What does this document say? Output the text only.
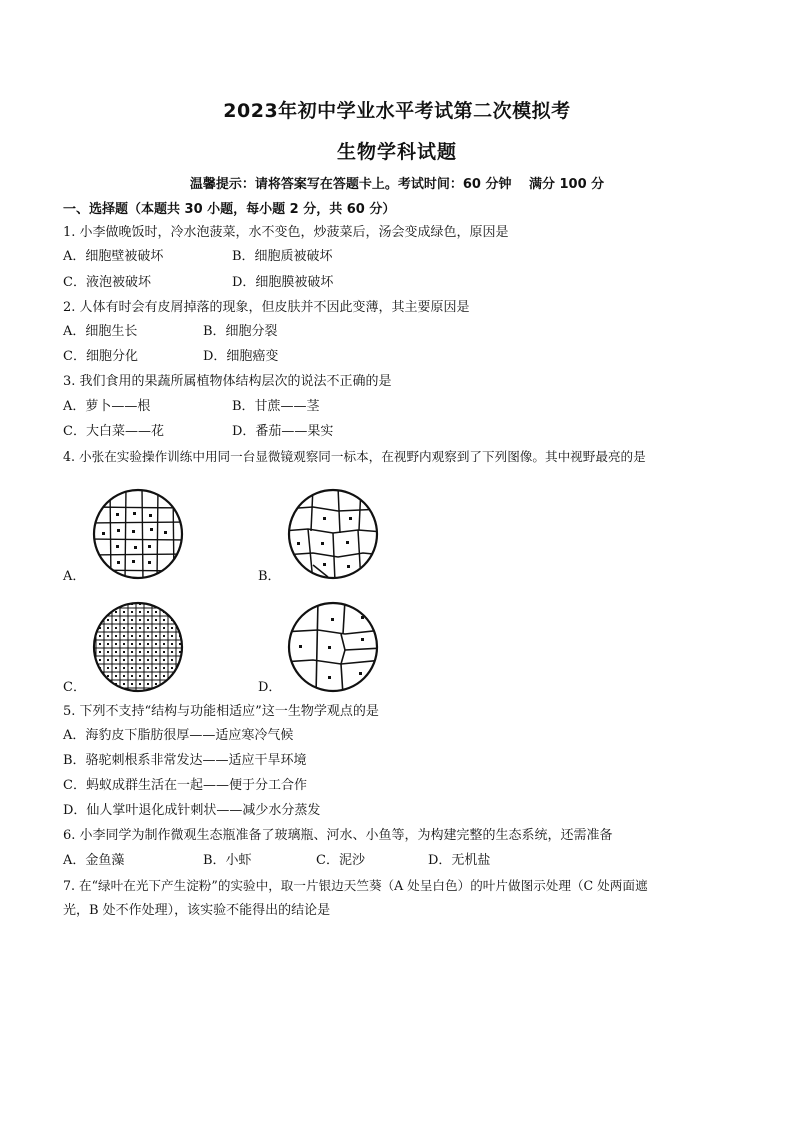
2023年初中学业水平考试第二次模拟考
生物学科试题
温馨提示：请将答案写在答题卡上。考试时间：60 分钟　 满分 100 分
一、选择题（本题共 30 小题，每小题 2 分，共 60 分）
1. 小李做晚饭时，冷水泡菠菜，水不变色，炒菠菜后，汤会变成绿色，原因是
A．细胞壁被破坏	B．细胞质被破坏
C．液泡被破坏	D．细胞膜被破坏
2. 人体有时会有皮屑掉落的现象，但皮肤并不因此变薄，其主要原因是
A．细胞生长	B．细胞分裂
C．细胞分化	D．细胞癌变
3. 我们食用的果蔬所属植物体结构层次的说法不正确的是
A．萝卜——根	B．甘蔗——茎
C．大白菜——花	D．番茄——果实
4. 小张在实验操作训练中用同一台显微镜观察同一标本，在视野内观察到了下列图像。其中视野最亮的是
A．	B．
C．	D．
5. 下列不支持“结构与功能相适应”这一生物学观点的是
A．海豹皮下脂肪很厚——适应寒冷气候
B．骆驼刺根系非常发达——适应干旱环境
C．蚂蚁成群生活在一起——便于分工合作
D．仙人掌叶退化成针刺状——减少水分蒸发
6. 小李同学为制作微观生态瓶准备了玻璃瓶、河水、小鱼等，为构建完整的生态系统，还需准备
A．金鱼藻	B．小虾	C．泥沙	D．无机盐
7. 在“绿叶在光下产生淀粉”的实验中，取一片银边天竺葵（A 处呈白色）的叶片做图示处理（C 处两面遮
光，B 处不作处理），该实验不能得出的结论是
